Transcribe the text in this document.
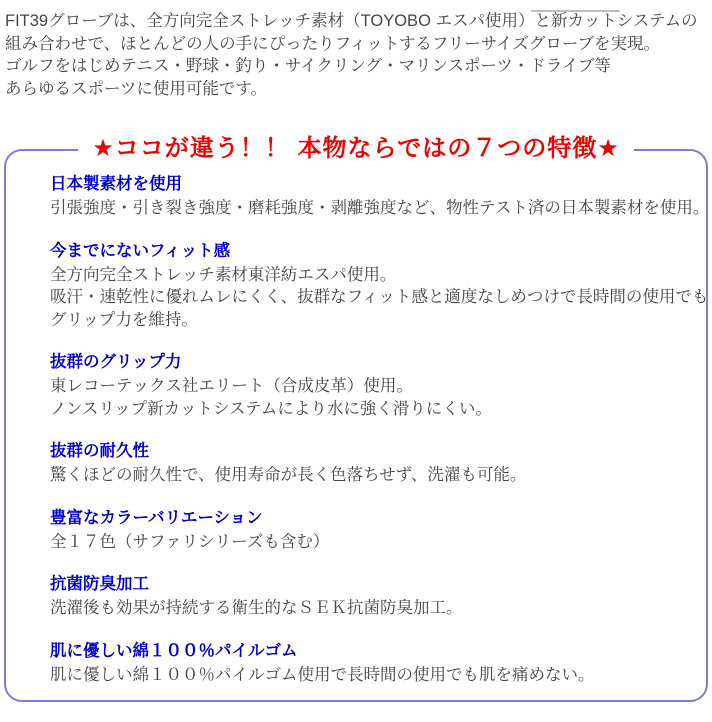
FIT39グローブは、全方向完全ストレッチ素材（TOYOBO エスパ使用）と新カットシステムの
組み合わせで、ほとんどの人の手にぴったりフィットするフリーサイズグローブを実現。
ゴルフをはじめテニス・野球・釣り・サイクリング・マリンスポーツ・ドライブ等
あらゆるスポーツに使用可能です。

★ココが違う！！ 本物ならではの７つの特徴★
日本製素材を使用
引張強度・引き裂き強度・磨耗強度・剥離強度など、物性テスト済の日本製素材を使用。
今までにないフィット感
全方向完全ストレッチ素材東洋紡エスパ使用。
吸汗・速乾性に優れムレにくく、抜群なフィット感と適度なしめつけで長時間の使用でも
グリップ力を維持。
抜群のグリップ力
東レコーテックス社エリート（合成皮革）使用。
ノンスリップ新カットシステムにより水に強く滑りにくい。
抜群の耐久性
驚くほどの耐久性で、使用寿命が長く色落ちせず、洗濯も可能。
豊富なカラーバリエーション
全１７色（サファリシリーズも含む）
抗菌防臭加工
洗濯後も効果が持続する衛生的なＳＥＫ抗菌防臭加工。
肌に優しい綿１００％パイルゴム
肌に優しい綿１００％パイルゴム使用で長時間の使用でも肌を痛めない。
